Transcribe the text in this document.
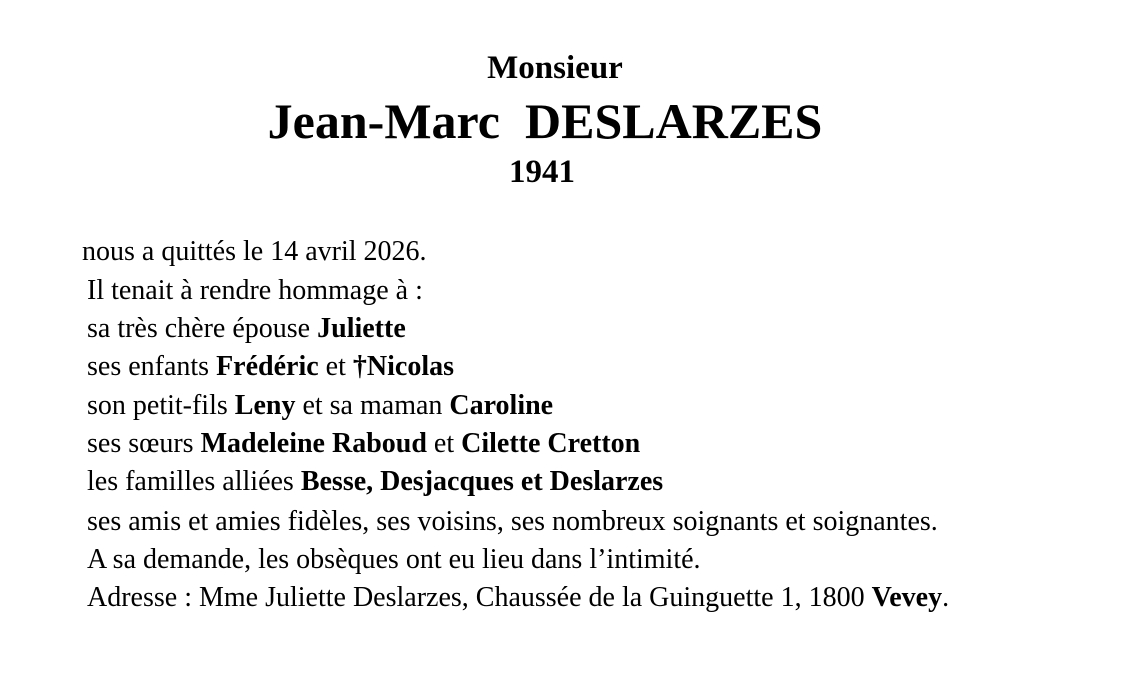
Monsieur
Jean-Marc  DESLARZES
1941
nous a quittés le 14 avril 2026.
Il tenait à rendre hommage à :
sa très chère épouse Juliette
ses enfants Frédéric et †Nicolas
son petit-fils Leny et sa maman Caroline
ses sœurs Madeleine Raboud et Cilette Cretton
les familles alliées Besse, Desjacques et Deslarzes
ses amis et amies fidèles, ses voisins, ses nombreux soignants et soignantes.
A sa demande, les obsèques ont eu lieu dans l’intimité.
Adresse : Mme Juliette Deslarzes, Chaussée de la Guinguette 1, 1800 Vevey.
